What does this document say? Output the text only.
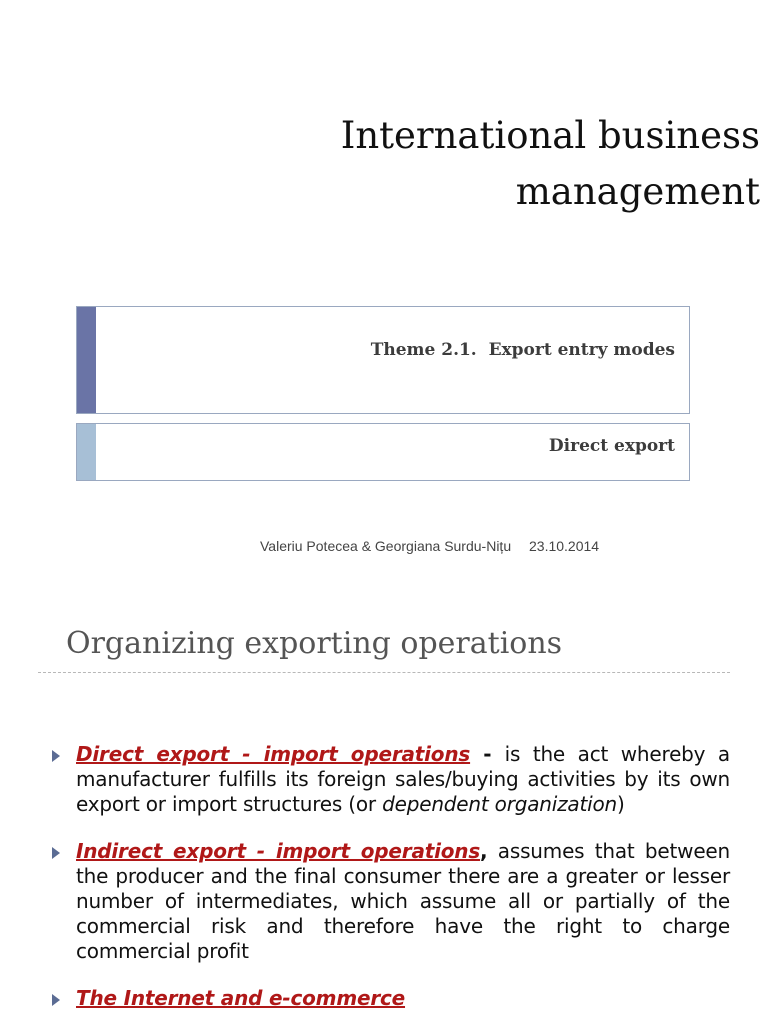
International business
management
Theme 2.1.  Export entry modes
Direct export
Valeriu Potecea & Georgiana Surdu-Nițu 23.10.2014
Organizing exporting operations

Direct export - import operations - is the act whereby a manufacturer fulfills its foreign sales/buying activities by its own export or import structures (or dependent organization)

Indirect export - import operations, assumes that between the producer and the final consumer there are a greater or lesser number of intermediates, which assume all or partially of the commercial risk and therefore have the right to charge commercial profit

The Internet and e-commerce
